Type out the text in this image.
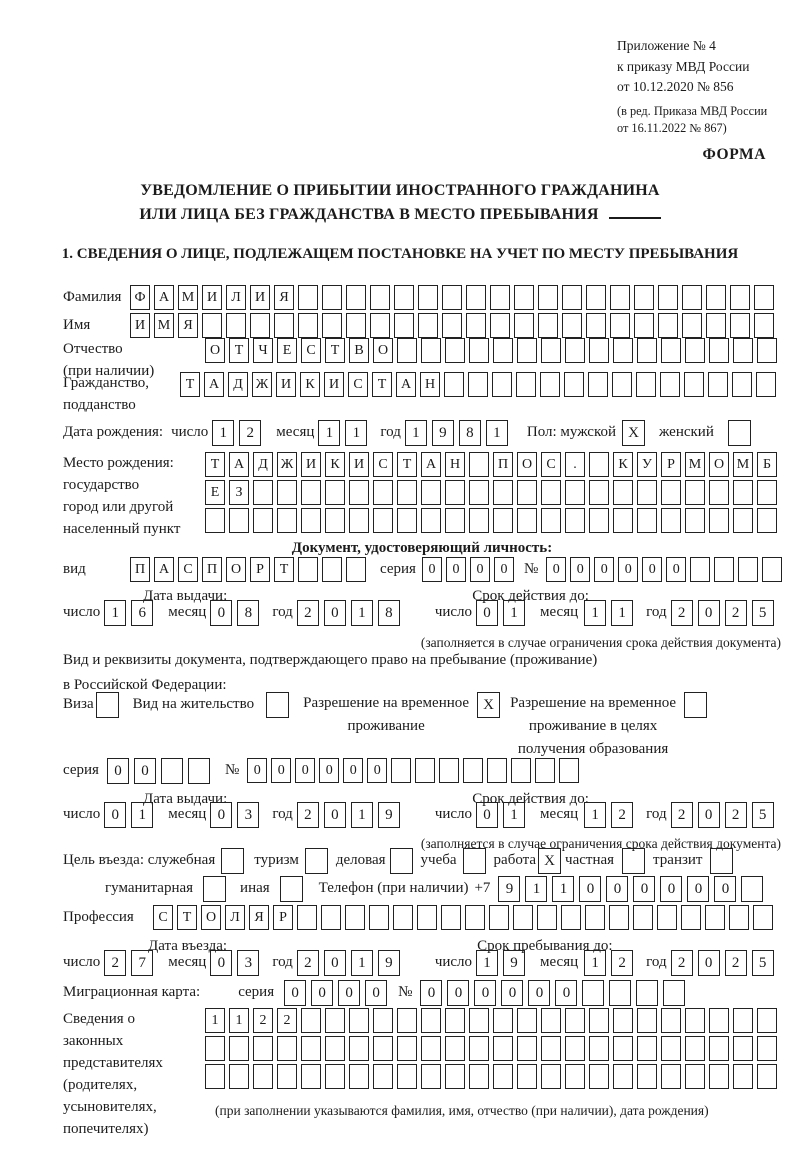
Приложение № 4
к приказу МВД России
от 10.12.2020 № 856
(в ред. Приказа МВД России
от 16.11.2022 № 867)
ФОРМА
УВЕДОМЛЕНИЕ О ПРИБЫТИИ ИНОСТРАННОГО ГРАЖДАНИНА
ИЛИ ЛИЦА БЕЗ ГРАЖДАНСТВА В МЕСТО ПРЕБЫВАНИЯ
1. СВЕДЕНИЯ О ЛИЦЕ, ПОДЛЕЖАЩЕМ ПОСТАНОВКЕ НА УЧЕТ ПО МЕСТУ ПРЕБЫВАНИЯ
Фамилия Ф А М И	Л	И	Я
Имя	И М Я
Отчество
(при наличии)
О	Т	Ч	Е	С	Т	В	О
Гражданство,
подданство
Т	А	Д Ж И	К	И	С	Т	А Н
Дата рождения: число 1	2	месяц 1	1	год 1	9	8	1	Пол: мужской X	женский
Место рождения:
государство
город или другой
населенный пункт
Т	А	Д Ж И	К	И	С	Т	А Н	П О	С	.	К	У	Р М О М Б
Е	З
Документ, удостоверяющий личность:
вид	П А	С	П О	Р	Т	серия 0	0	0	0	№	0	0	0	0	0	0
Дата выдачи:	Срок действия до:
число 1	6	месяц 0	8	год 2	0	1	8	число 0	1	месяц 1	1	год 2	0	2	5
(заполняется в случае ограничения срока действия документа)
Вид и реквизиты документа, подтверждающего право на пребывание (проживание)
в Российской Федерации:
Виза	Вид на жительство	Разрешение на временное
проживание
X	Разрешение на временное
проживание в целях
получения образования
серия	0	0	№	0	0	0	0	0	0
Дата выдачи:	Срок действия до:
число 0	1	месяц 0	3	год 2	0	1	9	число 0	1	месяц 1	2	год 2	0	2	5
(заполняется в случае ограничения срока действия документа)
Цель въезда: служебная	туризм деловая учеба работа X частная	транзит
гуманитарная	иная	Телефон (при наличии) +7	9	1	1	0	0	0	0	0	0
Профессия	С	Т	О	Л	Я	Р
Дата въезда:	Срок пребывания до:
число 2	7	месяц 0	3	год 2	0	1	9	число 1	9	месяц 1	2	год 2	0	2	5
Миграционная карта:	серия	0	0	0	0	№	0	0	0	0	0	0
Сведения о
законных
представителях
(родителях,
усыновителях,
попечителях)
1	1	2	2
(при заполнении указываются фамилия, имя, отчество (при наличии), дата рождения)
